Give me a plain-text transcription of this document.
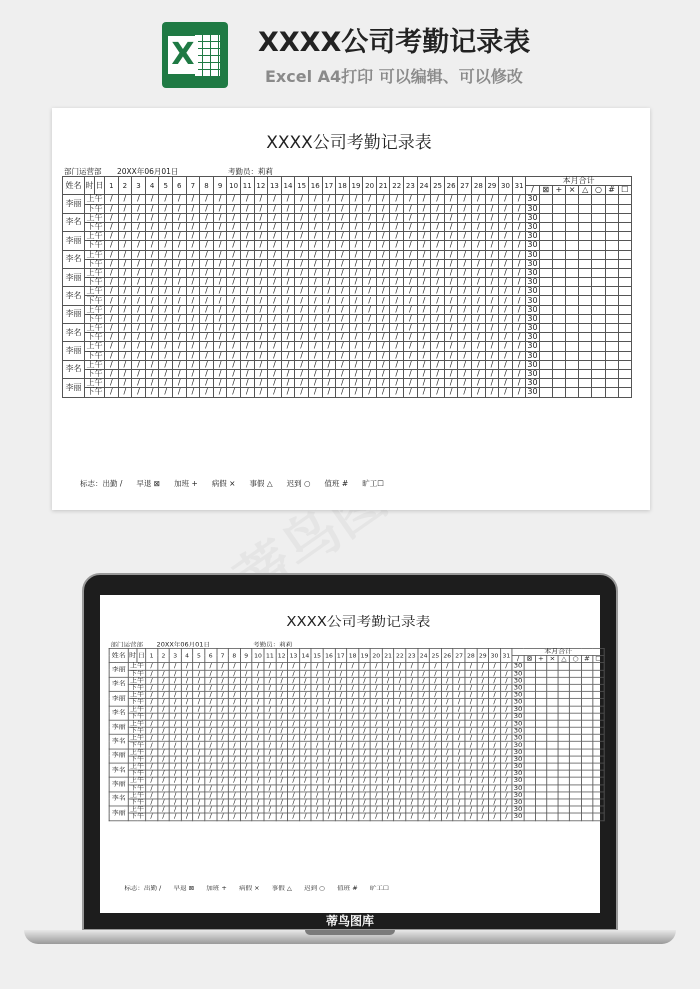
X XXXX公司考勤记录表
Excel A4打印 可以编辑、可以修改
XXXX公司考勤记录表
部门运营部 20XX年06月01日	考勤员：莉莉
姓名	时	日	1	2	3	4	5	6	7	8	9	10	11	12	13	14	15	16	17	18	19	20	21	22	23	24	25	26	27	28	29	30	31	本月合计							
																																		/	⊠	+	×	△	○	#	☐
李丽	上午		/	/	/	/	/	/	/	/	/	/	/	/	/	/	/	/	/	/	/	/	/	/	/	/	/	/	/	/	/	/	/	30							
	下午		/	/	/	/	/	/	/	/	/	/	/	/	/	/	/	/	/	/	/	/	/	/	/	/	/	/	/	/	/	/	/	30							
李名	上午		/	/	/	/	/	/	/	/	/	/	/	/	/	/	/	/	/	/	/	/	/	/	/	/	/	/	/	/	/	/	/	30							
	下午		/	/	/	/	/	/	/	/	/	/	/	/	/	/	/	/	/	/	/	/	/	/	/	/	/	/	/	/	/	/	/	30							
李丽	上午		/	/	/	/	/	/	/	/	/	/	/	/	/	/	/	/	/	/	/	/	/	/	/	/	/	/	/	/	/	/	/	30							
	下午		/	/	/	/	/	/	/	/	/	/	/	/	/	/	/	/	/	/	/	/	/	/	/	/	/	/	/	/	/	/	/	30							
李名	上午		/	/	/	/	/	/	/	/	/	/	/	/	/	/	/	/	/	/	/	/	/	/	/	/	/	/	/	/	/	/	/	30							
	下午		/	/	/	/	/	/	/	/	/	/	/	/	/	/	/	/	/	/	/	/	/	/	/	/	/	/	/	/	/	/	/	30							
李丽	上午		/	/	/	/	/	/	/	/	/	/	/	/	/	/	/	/	/	/	/	/	/	/	/	/	/	/	/	/	/	/	/	30							
	下午		/	/	/	/	/	/	/	/	/	/	/	/	/	/	/	/	/	/	/	/	/	/	/	/	/	/	/	/	/	/	/	30							
李名	上午		/	/	/	/	/	/	/	/	/	/	/	/	/	/	/	/	/	/	/	/	/	/	/	/	/	/	/	/	/	/	/	30							
	下午		/	/	/	/	/	/	/	/	/	/	/	/	/	/	/	/	/	/	/	/	/	/	/	/	/	/	/	/	/	/	/	30							
李丽	上午		/	/	/	/	/	/	/	/	/	/	/	/	/	/	/	/	/	/	/	/	/	/	/	/	/	/	/	/	/	/	/	30							
	下午		/	/	/	/	/	/	/	/	/	/	/	/	/	/	/	/	/	/	/	/	/	/	/	/	/	/	/	/	/	/	/	30							
李名	上午		/	/	/	/	/	/	/	/	/	/	/	/	/	/	/	/	/	/	/	/	/	/	/	/	/	/	/	/	/	/	/	30							
	下午		/	/	/	/	/	/	/	/	/	/	/	/	/	/	/	/	/	/	/	/	/	/	/	/	/	/	/	/	/	/	/	30							
李丽	上午		/	/	/	/	/	/	/	/	/	/	/	/	/	/	/	/	/	/	/	/	/	/	/	/	/	/	/	/	/	/	/	30							
	下午		/	/	/	/	/	/	/	/	/	/	/	/	/	/	/	/	/	/	/	/	/	/	/	/	/	/	/	/	/	/	/	30							
李名	上午		/	/	/	/	/	/	/	/	/	/	/	/	/	/	/	/	/	/	/	/	/	/	/	/	/	/	/	/	/	/	/	30							
	下午		/	/	/	/	/	/	/	/	/	/	/	/	/	/	/	/	/	/	/	/	/	/	/	/	/	/	/	/	/	/	/	30							
李丽	上午		/	/	/	/	/	/	/	/	/	/	/	/	/	/	/	/	/	/	/	/	/	/	/	/	/	/	/	/	/	/	/	30							
	下午		/	/	/	/	/	/	/	/	/	/	/	/	/	/	/	/	/	/	/	/	/	/	/	/	/	/	/	/	/	/	/	30							
标志：出勤 / 早退 ⊠ 加班 + 病假 × 事假 △ 迟到 ○ 值班 # 旷工☐
XXXX公司考勤记录表
部门运营部 20XX年06月01日	考勤员：莉莉
姓名	时	日	1	2	3	4	5	6	7	8	9	10	11	12	13	14	15	16	17	18	19	20	21	22	23	24	25	26	27	28	29	30	31	本月合计							
																																		/	⊠	+	×	△	○	#	☐
李丽	上午		/	/	/	/	/	/	/	/	/	/	/	/	/	/	/	/	/	/	/	/	/	/	/	/	/	/	/	/	/	/	/	30							
	下午		/	/	/	/	/	/	/	/	/	/	/	/	/	/	/	/	/	/	/	/	/	/	/	/	/	/	/	/	/	/	/	30							
李名	上午		/	/	/	/	/	/	/	/	/	/	/	/	/	/	/	/	/	/	/	/	/	/	/	/	/	/	/	/	/	/	/	30							
	下午		/	/	/	/	/	/	/	/	/	/	/	/	/	/	/	/	/	/	/	/	/	/	/	/	/	/	/	/	/	/	/	30							
李丽	上午		/	/	/	/	/	/	/	/	/	/	/	/	/	/	/	/	/	/	/	/	/	/	/	/	/	/	/	/	/	/	/	30							
	下午		/	/	/	/	/	/	/	/	/	/	/	/	/	/	/	/	/	/	/	/	/	/	/	/	/	/	/	/	/	/	/	30							
李名	上午		/	/	/	/	/	/	/	/	/	/	/	/	/	/	/	/	/	/	/	/	/	/	/	/	/	/	/	/	/	/	/	30							
	下午		/	/	/	/	/	/	/	/	/	/	/	/	/	/	/	/	/	/	/	/	/	/	/	/	/	/	/	/	/	/	/	30							
李丽	上午		/	/	/	/	/	/	/	/	/	/	/	/	/	/	/	/	/	/	/	/	/	/	/	/	/	/	/	/	/	/	/	30							
	下午		/	/	/	/	/	/	/	/	/	/	/	/	/	/	/	/	/	/	/	/	/	/	/	/	/	/	/	/	/	/	/	30							
李名	上午		/	/	/	/	/	/	/	/	/	/	/	/	/	/	/	/	/	/	/	/	/	/	/	/	/	/	/	/	/	/	/	30							
	下午		/	/	/	/	/	/	/	/	/	/	/	/	/	/	/	/	/	/	/	/	/	/	/	/	/	/	/	/	/	/	/	30							
李丽	上午		/	/	/	/	/	/	/	/	/	/	/	/	/	/	/	/	/	/	/	/	/	/	/	/	/	/	/	/	/	/	/	30							
	下午		/	/	/	/	/	/	/	/	/	/	/	/	/	/	/	/	/	/	/	/	/	/	/	/	/	/	/	/	/	/	/	30							
李名	上午		/	/	/	/	/	/	/	/	/	/	/	/	/	/	/	/	/	/	/	/	/	/	/	/	/	/	/	/	/	/	/	30							
	下午		/	/	/	/	/	/	/	/	/	/	/	/	/	/	/	/	/	/	/	/	/	/	/	/	/	/	/	/	/	/	/	30							
李丽	上午		/	/	/	/	/	/	/	/	/	/	/	/	/	/	/	/	/	/	/	/	/	/	/	/	/	/	/	/	/	/	/	30							
	下午		/	/	/	/	/	/	/	/	/	/	/	/	/	/	/	/	/	/	/	/	/	/	/	/	/	/	/	/	/	/	/	30							
李名	上午		/	/	/	/	/	/	/	/	/	/	/	/	/	/	/	/	/	/	/	/	/	/	/	/	/	/	/	/	/	/	/	30							
	下午		/	/	/	/	/	/	/	/	/	/	/	/	/	/	/	/	/	/	/	/	/	/	/	/	/	/	/	/	/	/	/	30							
李丽	上午		/	/	/	/	/	/	/	/	/	/	/	/	/	/	/	/	/	/	/	/	/	/	/	/	/	/	/	/	/	/	/	30							
	下午		/	/	/	/	/	/	/	/	/	/	/	/	/	/	/	/	/	/	/	/	/	/	/	/	/	/	/	/	/	/	/	30							
标志：出勤 / 早退 ⊠ 加班 + 病假 × 事假 △ 迟到 ○ 值班 # 旷工☐
蒂鸟图库
